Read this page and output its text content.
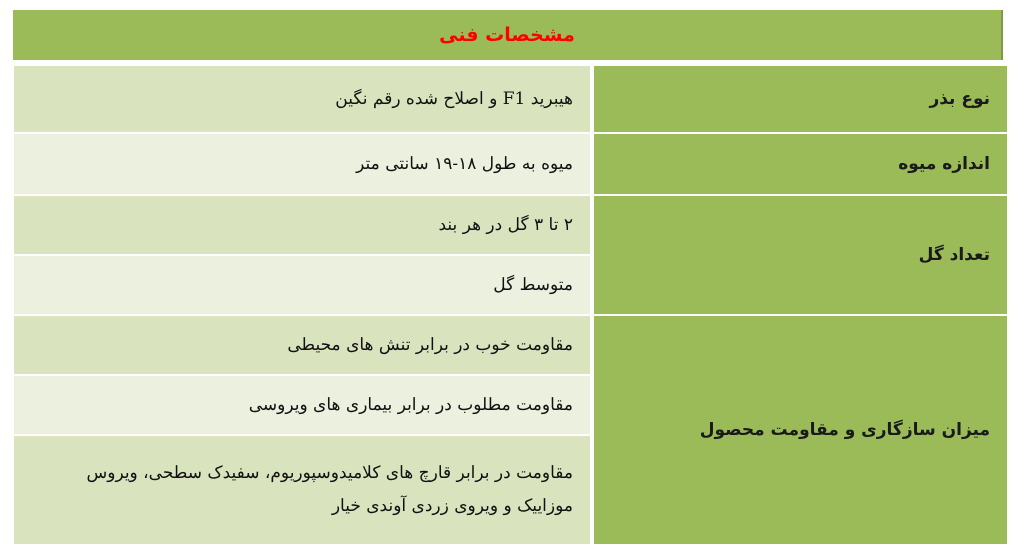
مشخصات فنی
نوع بذر
هیبرید F1 و اصلاح شده رقم نگین
اندازه میوه
میوه به طول ۱۸-۱۹ سانتی متر
تعداد گل
۲ تا ۳ گل در هر بند
متوسط گل
میزان سازگاری و مقاومت محصول
مقاومت خوب در برابر تنش های محیطی
مقاومت مطلوب در برابر بیماری های ویروسی
مقاومت در برابر قارچ های کلامیدوسپوریوم، سفیدک سطحی، ویروس موزاییک و ویروی زردی آوندی خیار
